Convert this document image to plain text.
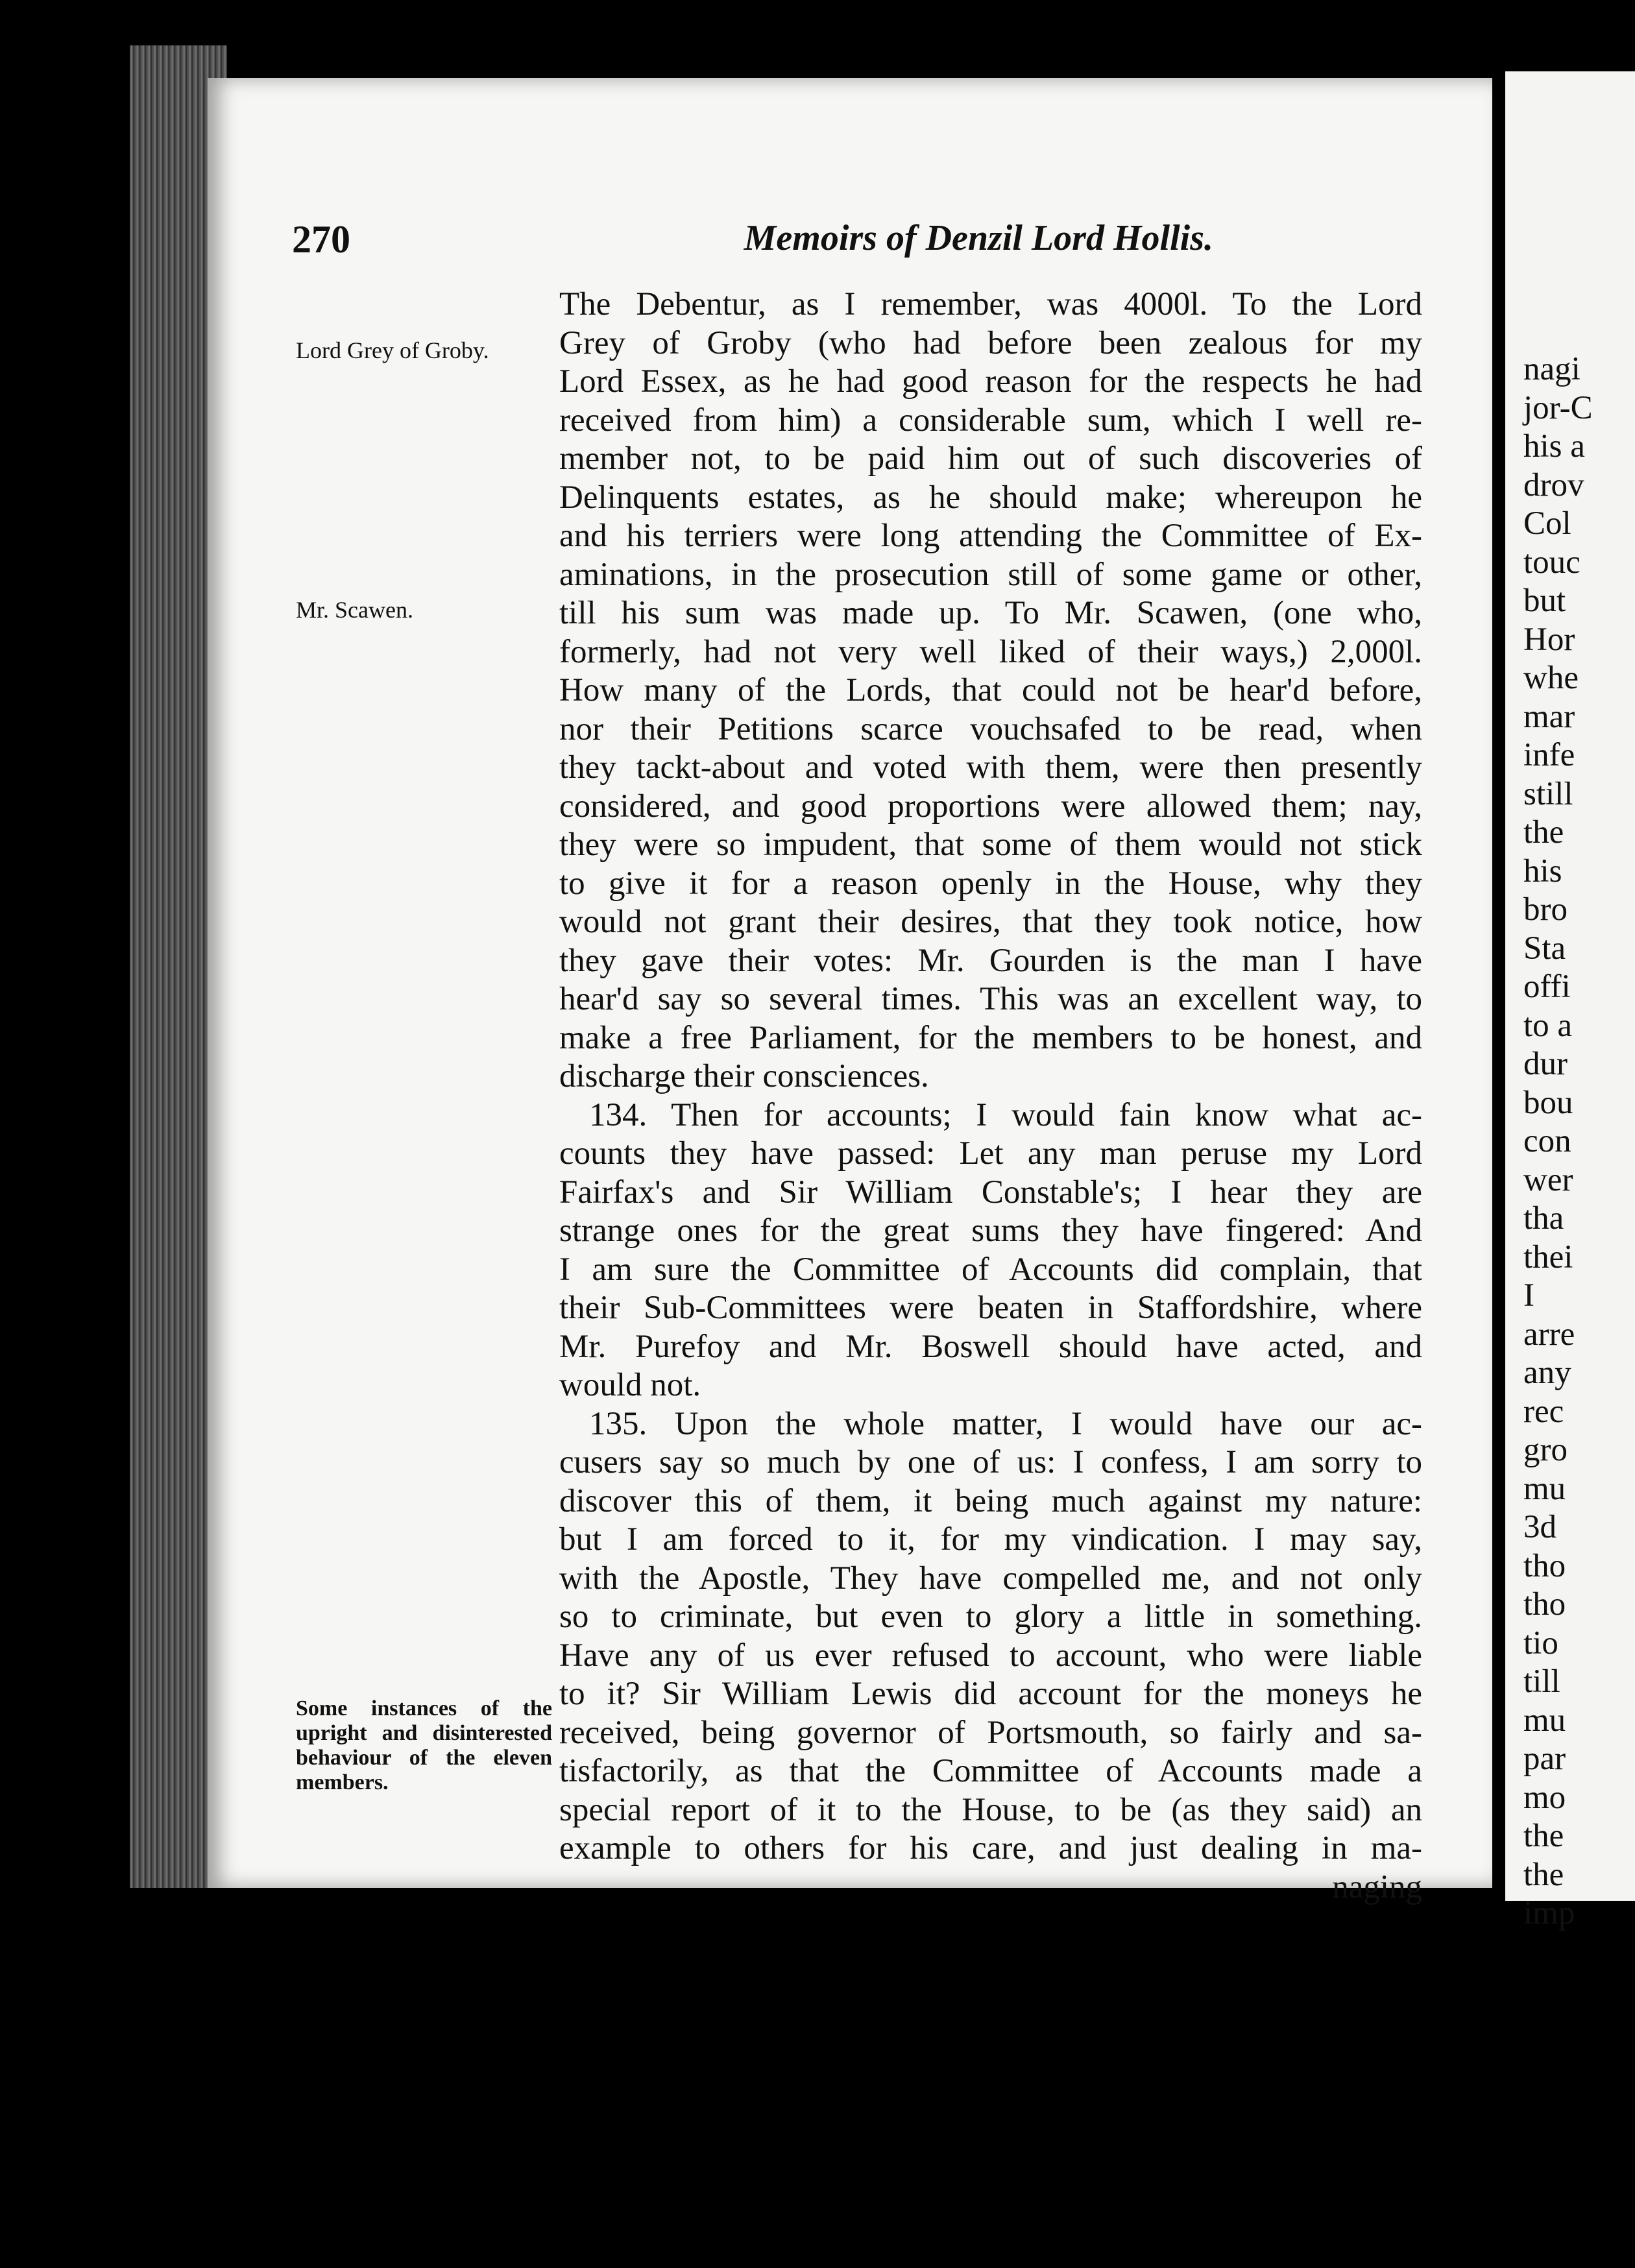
nagi
jor-C
his a
drov
Col
touc
but
Hor
whe
mar
infe
still
the
his
bro
Sta
offi
to a
dur
bou
con
wer
tha
thei
I
arre
any
rec
gro
mu
3d
tho
tho
tio
till
mu
par
mo
the
the
imp
270	Memoirs of Denzil Lord Hollis.
Lord Grey of Groby.
Mr. Scawen.
Some instances of the upright and disinterested behaviour of the eleven members.
The Debentur, as I remember, was 4000l. To the Lord
Grey of Groby (who had before been zealous for my
Lord Essex, as he had good reason for the respects he had
received from him) a considerable sum, which I well re-
member not, to be paid him out of such discoveries of
Delinquents estates, as he should make; whereupon he
and his terriers were long attending the Committee of Ex-
aminations, in the prosecution still of some game or other,
till his sum was made up. To Mr. Scawen, (one who,
formerly, had not very well liked of their ways,) 2,000l.
How many of the Lords, that could not be hear'd before,
nor their Petitions scarce vouchsafed to be read, when
they tackt-about and voted with them, were then presently
considered, and good proportions were allowed them; nay,
they were so impudent, that some of them would not stick
to give it for a reason openly in the House, why they
would not grant their desires, that they took notice, how
they gave their votes: Mr. Gourden is the man I have
hear'd say so several times. This was an excellent way, to
make a free Parliament, for the members to be honest, and
discharge their consciences.
134. Then for accounts; I would fain know what ac-
counts they have passed: Let any man peruse my Lord
Fairfax's and Sir William Constable's; I hear they are
strange ones for the great sums they have fingered: And
I am sure the Committee of Accounts did complain, that
their Sub-Committees were beaten in Staffordshire, where
Mr. Purefoy and Mr. Boswell should have acted, and
would not.
135. Upon the whole matter, I would have our ac-
cusers say so much by one of us: I confess, I am sorry to
discover this of them, it being much against my nature:
but I am forced to it, for my vindication. I may say,
with the Apostle, They have compelled me, and not only
so to criminate, but even to glory a little in something.
Have any of us ever refused to account, who were liable
to it? Sir William Lewis did account for the moneys he
received, being governor of Portsmouth, so fairly and sa-
tisfactorily, as that the Committee of Accounts made a
special report of it to the House, to be (as they said) an
example to others for his care, and just dealing in ma-
naging
